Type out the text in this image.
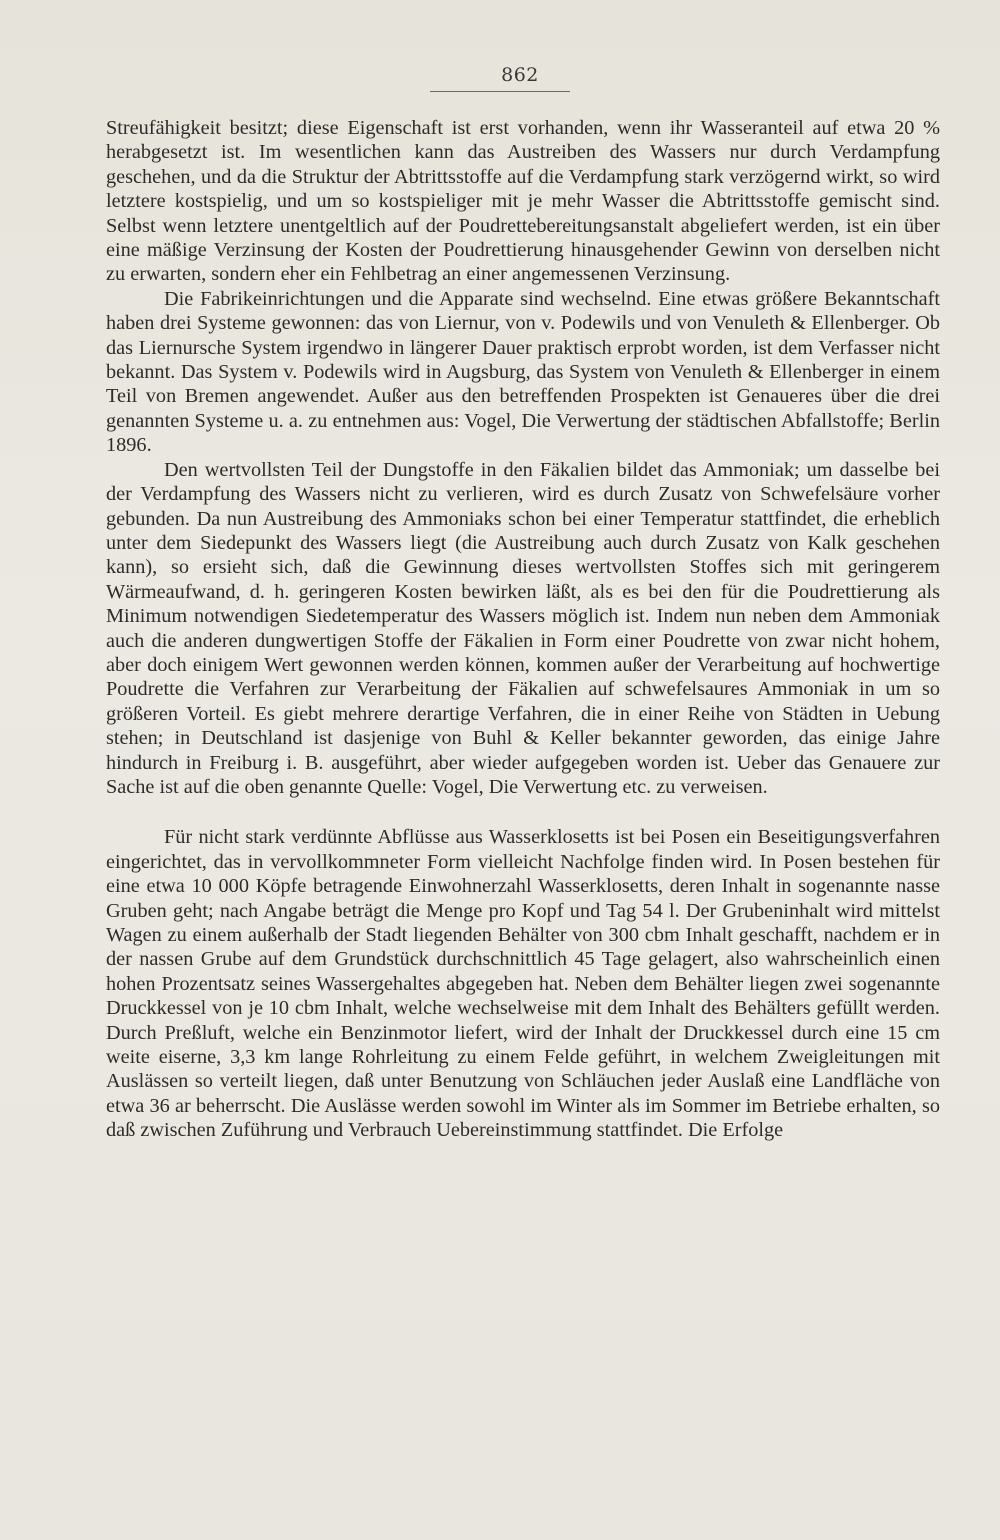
862

Streufähigkeit besitzt; diese Eigenschaft ist erst vorhanden, wenn ihr Wasseranteil auf etwa 20 % herabgesetzt ist. Im wesentlichen kann das Austreiben des Wassers nur durch Verdampfung geschehen, und da die Struktur der Abtrittsstoffe auf die Verdampfung stark verzögernd wirkt, so wird letztere kostspielig, und um so kostspieliger mit je mehr Wasser die Abtrittsstoffe gemischt sind. Selbst wenn letztere unentgeltlich auf der Poudrettebereitungsanstalt abgeliefert werden, ist ein über eine mäßige Verzinsung der Kosten der Poudrettierung hinausgehender Gewinn von derselben nicht zu erwarten, sondern eher ein Fehlbetrag an einer angemessenen Verzinsung.

Die Fabrikeinrichtungen und die Apparate sind wechselnd. Eine etwas größere Bekanntschaft haben drei Systeme gewonnen: das von Liernur, von v. Podewils und von Venuleth & Ellenberger. Ob das Liernursche System irgendwo in längerer Dauer praktisch erprobt worden, ist dem Verfasser nicht bekannt. Das System v. Podewils wird in Augsburg, das System von Venuleth & Ellenberger in einem Teil von Bremen angewendet. Außer aus den betreffenden Prospekten ist Genaueres über die drei genannten Systeme u. a. zu entnehmen aus: Vogel, Die Verwertung der städtischen Abfallstoffe; Berlin 1896.

Den wertvollsten Teil der Dungstoffe in den Fäkalien bildet das Ammoniak; um dasselbe bei der Verdampfung des Wassers nicht zu verlieren, wird es durch Zusatz von Schwefelsäure vorher gebunden. Da nun Austreibung des Ammoniaks schon bei einer Temperatur stattfindet, die erheblich unter dem Siedepunkt des Wassers liegt (die Austreibung auch durch Zusatz von Kalk geschehen kann), so ersieht sich, daß die Gewinnung dieses wertvollsten Stoffes sich mit geringerem Wärmeaufwand, d. h. geringeren Kosten bewirken läßt, als es bei den für die Poudrettierung als Minimum notwendigen Siedetemperatur des Wassers möglich ist. Indem nun neben dem Ammoniak auch die anderen dungwertigen Stoffe der Fäkalien in Form einer Poudrette von zwar nicht hohem, aber doch einigem Wert gewonnen werden können, kommen außer der Verarbeitung auf hochwertige Poudrette die Verfahren zur Verarbeitung der Fäkalien auf schwefelsaures Ammoniak in um so größeren Vorteil. Es giebt mehrere derartige Verfahren, die in einer Reihe von Städten in Uebung stehen; in Deutschland ist dasjenige von Buhl & Keller bekannter geworden, das einige Jahre hindurch in Freiburg i. B. ausgeführt, aber wieder aufgegeben worden ist. Ueber das Genauere zur Sache ist auf die oben genannte Quelle: Vogel, Die Verwertung etc. zu verweisen.

Für nicht stark verdünnte Abflüsse aus Wasserklosetts ist bei Posen ein Beseitigungsverfahren eingerichtet, das in vervollkommneter Form vielleicht Nachfolge finden wird. In Posen bestehen für eine etwa 10 000 Köpfe betragende Einwohnerzahl Wasserklosetts, deren Inhalt in sogenannte nasse Gruben geht; nach Angabe beträgt die Menge pro Kopf und Tag 54 l. Der Grubeninhalt wird mittelst Wagen zu einem außerhalb der Stadt liegenden Behälter von 300 cbm Inhalt geschafft, nachdem er in der nassen Grube auf dem Grundstück durchschnittlich 45 Tage gelagert, also wahrscheinlich einen hohen Prozentsatz seines Wassergehaltes abgegeben hat. Neben dem Behälter liegen zwei sogenannte Druckkessel von je 10 cbm Inhalt, welche wechselweise mit dem Inhalt des Behälters gefüllt werden. Durch Preßluft, welche ein Benzinmotor liefert, wird der Inhalt der Druckkessel durch eine 15 cm weite eiserne, 3,3 km lange Rohrleitung zu einem Felde geführt, in welchem Zweigleitungen mit Auslässen so verteilt liegen, daß unter Benutzung von Schläuchen jeder Auslaß eine Landfläche von etwa 36 ar beherrscht. Die Auslässe werden sowohl im Winter als im Sommer im Betriebe erhalten, so daß zwischen Zuführung und Verbrauch Uebereinstimmung stattfindet. Die Erfolge
